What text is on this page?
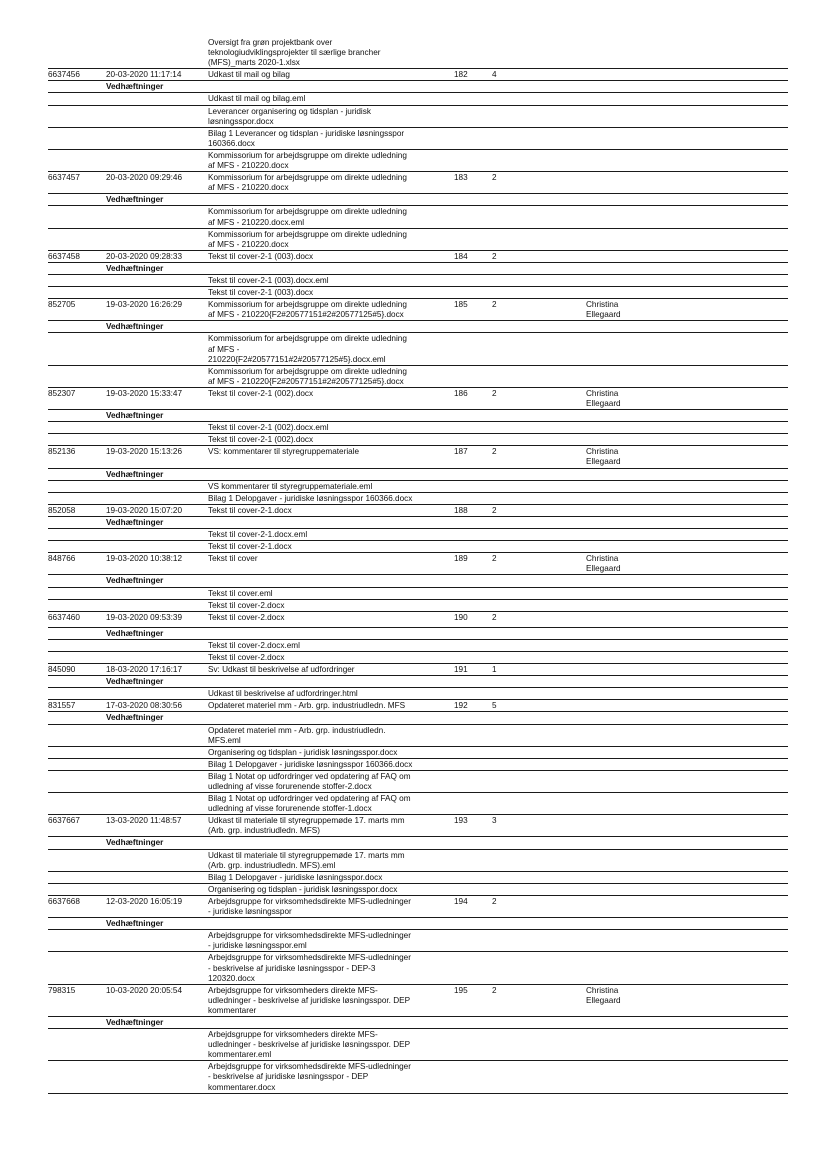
Oversigt fra grøn projektbank over
teknologiudviklingsprojekter til særlige brancher
(MFS)_marts 2020-1.xlsx
6637456	20-03-2020 11:17:14	Udkast til mail og bilag	182	4
Vedhæftninger
Udkast til mail og bilag.eml
Leverancer organisering og tidsplan - juridisk
løsningsspor.docx
Bilag 1 Leverancer og tidsplan - juridiske løsningsspor
160366.docx
Kommissorium for arbejdsgruppe om direkte udledning
af MFS - 210220.docx
6637457	20-03-2020 09:29:46	Kommissorium for arbejdsgruppe om direkte udledning
af MFS - 210220.docx
183	2
Vedhæftninger
Kommissorium for arbejdsgruppe om direkte udledning
af MFS - 210220.docx.eml
Kommissorium for arbejdsgruppe om direkte udledning
af MFS - 210220.docx
6637458	20-03-2020 09:28:33	Tekst til cover-2-1 (003).docx	184	2
Vedhæftninger
Tekst til cover-2-1 (003).docx.eml
Tekst til cover-2-1 (003).docx
852705	19-03-2020 16:26:29	Kommissorium for arbejdsgruppe om direkte udledning
af MFS - 210220{F2#20577151#2#20577125#5}.docx
185	2	Christina
Ellegaard
Vedhæftninger
Kommissorium for arbejdsgruppe om direkte udledning
af MFS -
210220{F2#20577151#2#20577125#5}.docx.eml
Kommissorium for arbejdsgruppe om direkte udledning
af MFS - 210220{F2#20577151#2#20577125#5}.docx
852307	19-03-2020 15:33:47	Tekst til cover-2-1 (002).docx	186	2	Christina
Ellegaard
Vedhæftninger
Tekst til cover-2-1 (002).docx.eml
Tekst til cover-2-1 (002).docx
852136	19-03-2020 15:13:26	VS: kommentarer til styregruppemateriale	187	2	Christina
Ellegaard
Vedhæftninger
VS kommentarer til styregruppemateriale.eml
Bilag 1 Delopgaver - juridiske løsningsspor 160366.docx
852058	19-03-2020 15:07:20	Tekst til cover-2-1.docx	188	2
Vedhæftninger
Tekst til cover-2-1.docx.eml
Tekst til cover-2-1.docx
848766	19-03-2020 10:38:12	Tekst til cover	189	2	Christina
Ellegaard
Vedhæftninger
Tekst til cover.eml
Tekst til cover-2.docx
6637460	19-03-2020 09:53:39	Tekst til cover-2.docx	190	2
Vedhæftninger
Tekst til cover-2.docx.eml
Tekst til cover-2.docx
845090	18-03-2020 17:16:17	Sv: Udkast til beskrivelse af udfordringer	191	1
Vedhæftninger
Udkast til beskrivelse af udfordringer.html
831557	17-03-2020 08:30:56	Opdateret materiel mm - Arb. grp. industriudledn. MFS	192	5
Vedhæftninger
Opdateret materiel mm - Arb. grp. industriudledn.
MFS.eml
Organisering og tidsplan - juridisk løsningsspor.docx
Bilag 1 Delopgaver - juridiske løsningsspor 160366.docx
Bilag 1 Notat op udfordringer ved opdatering af FAQ om
udledning af visse forurenende stoffer-2.docx
Bilag 1 Notat op udfordringer ved opdatering af FAQ om
udledning af visse forurenende stoffer-1.docx
6637667	13-03-2020 11:48:57	Udkast til materiale til styregruppemøde 17. marts mm
(Arb. grp. industriudledn. MFS)
193	3
Vedhæftninger
Udkast til materiale til styregruppemøde 17. marts mm
(Arb. grp. industriudledn. MFS).eml
Bilag 1 Delopgaver - juridiske løsningsspor.docx
Organisering og tidsplan - juridisk løsningsspor.docx
6637668	12-03-2020 16:05:19	Arbejdsgruppe for virksomhedsdirekte MFS-udledninger
- juridiske løsningsspor
194	2
Vedhæftninger
Arbejdsgruppe for virksomhedsdirekte MFS-udledninger
- juridiske løsningsspor.eml
Arbejdsgruppe for virksomhedsdirekte MFS-udledninger
- beskrivelse af juridiske løsningsspor - DEP-3
120320.docx
798315	10-03-2020 20:05:54	Arbejdsgruppe for virksomheders direkte MFS-
udledninger - beskrivelse af juridiske løsningsspor. DEP
kommentarer
195	2	Christina
Ellegaard
Vedhæftninger
Arbejdsgruppe for virksomheders direkte MFS-
udledninger - beskrivelse af juridiske løsningsspor. DEP
kommentarer.eml
Arbejdsgruppe for virksomhedsdirekte MFS-udledninger
- beskrivelse af juridiske løsningsspor - DEP
kommentarer.docx
